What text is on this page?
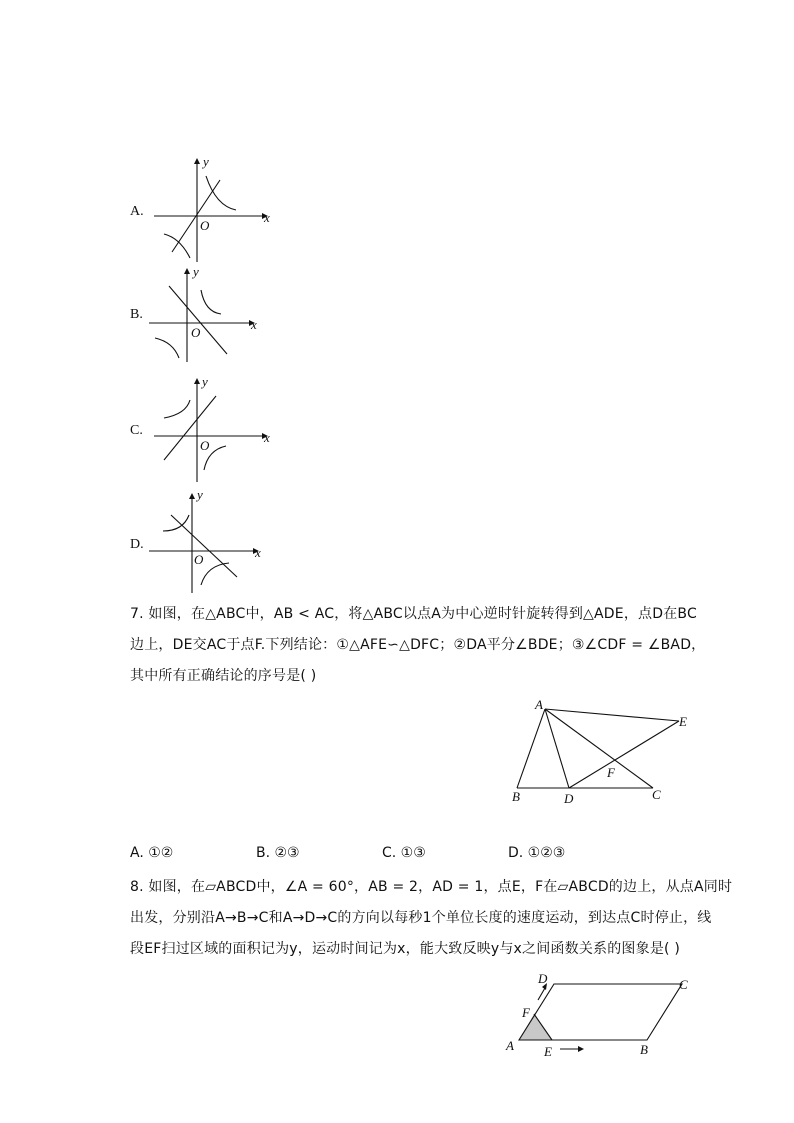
A.	x
y
O
B.
x
y
O
C.	x
y
O
D.
x
y
O
7. 如图，在△ABC中，AB < AC，将△ABC以点A为中心逆时针旋转得到△ADE，点D在BC
边上，DE交AC于点F.下列结论：①△AFE∽△DFC；②DA平分∠BDE；③∠CDF = ∠BAD，
其中所有正确结论的序号是( )
A
B	C
D
E
F
A. ①②	B. ②③	C. ①③	D. ①②③
8. 如图，在▱ABCD中，∠A = 60°，AB = 2，AD = 1，点E，F在▱ABCD的边上，从点A同时
出发，分别沿A→B→C和A→D→C的方向以每秒1个单位长度的速度运动，到达点C时停止，线
段EF扫过区域的面积记为y，运动时间记为x，能大致反映y与x之间函数关系的图象是( )
A	B
C
D
E
F
